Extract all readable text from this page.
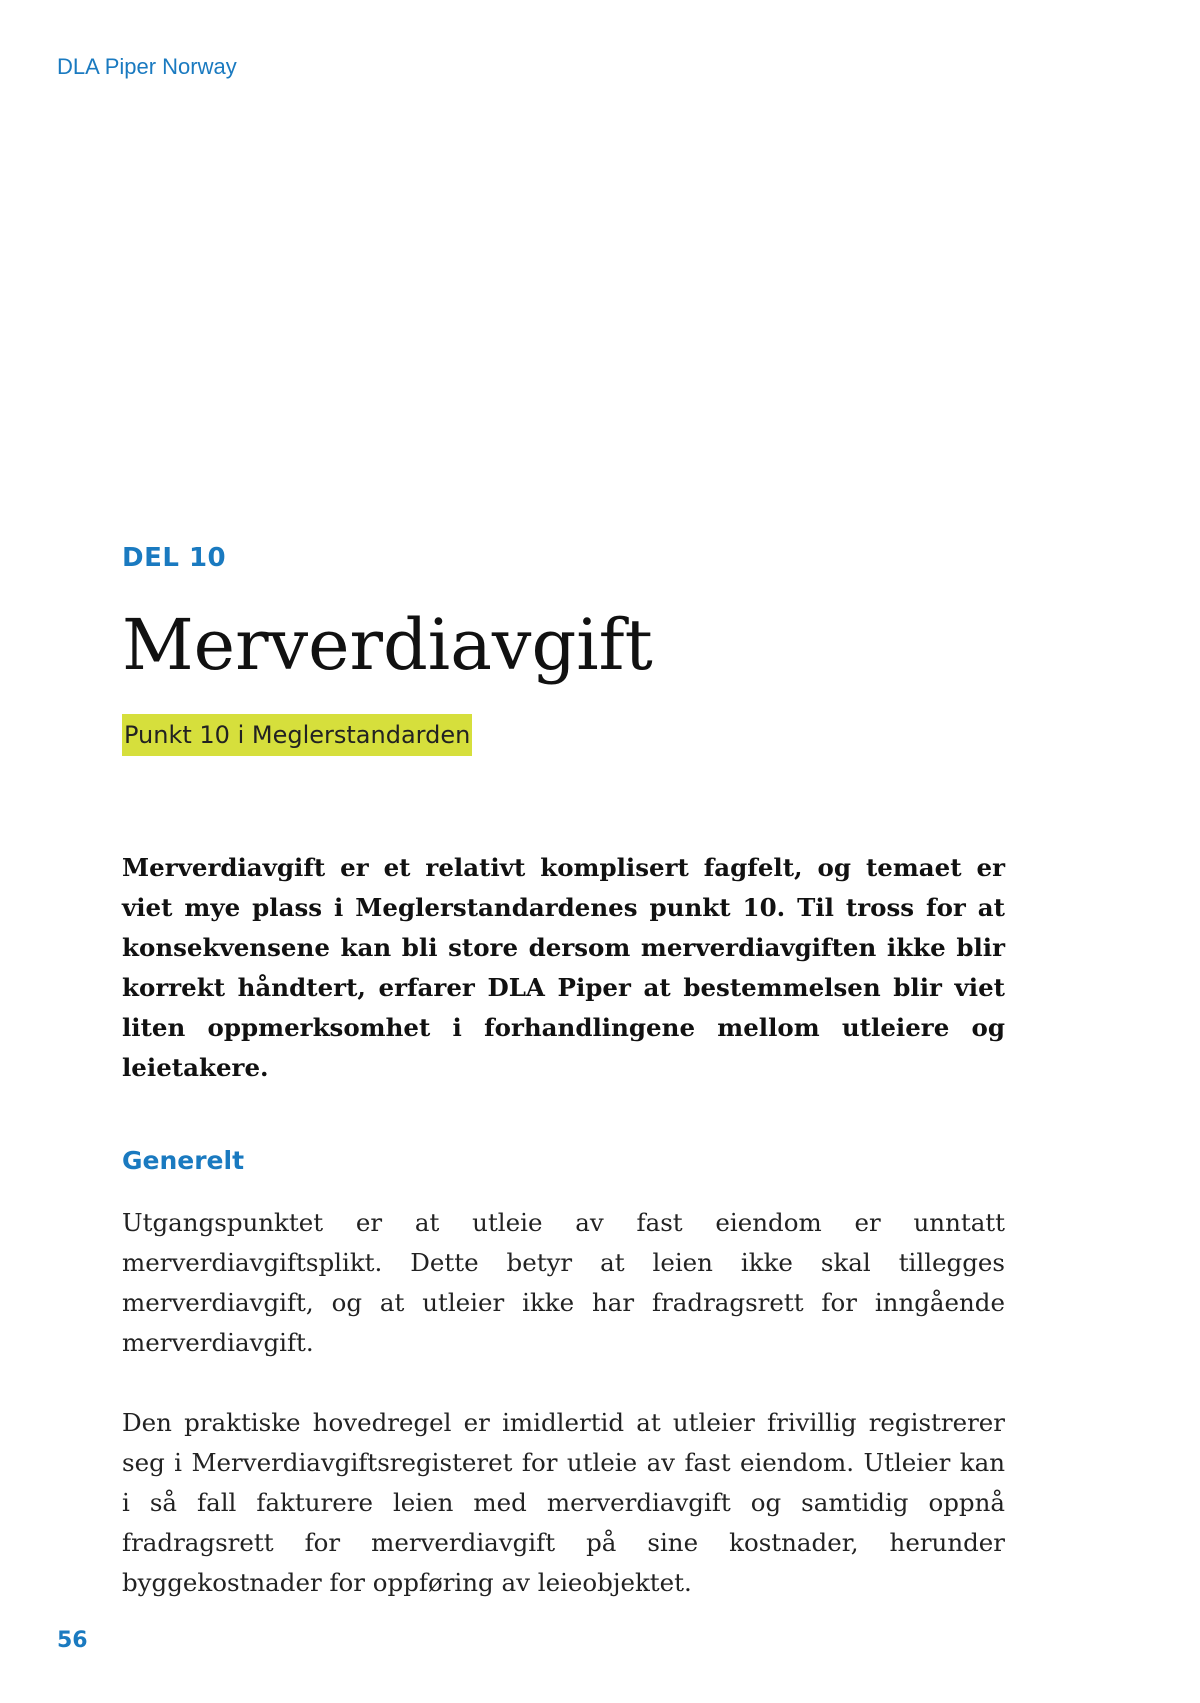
DLA Piper Norway
DEL 10
Merverdiavgift
Punkt 10 i Meglerstandarden

Merverdiavgift er et relativt komplisert fagfelt, og temaet er viet mye plass i Meglerstandardenes punkt 10. Til tross for at konsekvensene kan bli store dersom merverdiavgiften ikke blir korrekt håndtert, erfarer DLA Piper at bestemmelsen blir viet liten oppmerksomhet i forhandlingene mellom utleiere og leietakere.

Generelt

Utgangspunktet er at utleie av fast eiendom er unntatt merverdiavgiftsplikt. Dette betyr at leien ikke skal tillegges merverdiavgift, og at utleier ikke har fradragsrett for inngående merverdiavgift.

Den praktiske hovedregel er imidlertid at utleier frivillig registrerer seg i Merverdiavgiftsregisteret for utleie av fast eiendom. Utleier kan i så fall fakturere leien med merverdiavgift og samtidig oppnå fradragsrett for merverdiavgift på sine kostnader, herunder byggekostnader for oppføring av leieobjektet.

56
